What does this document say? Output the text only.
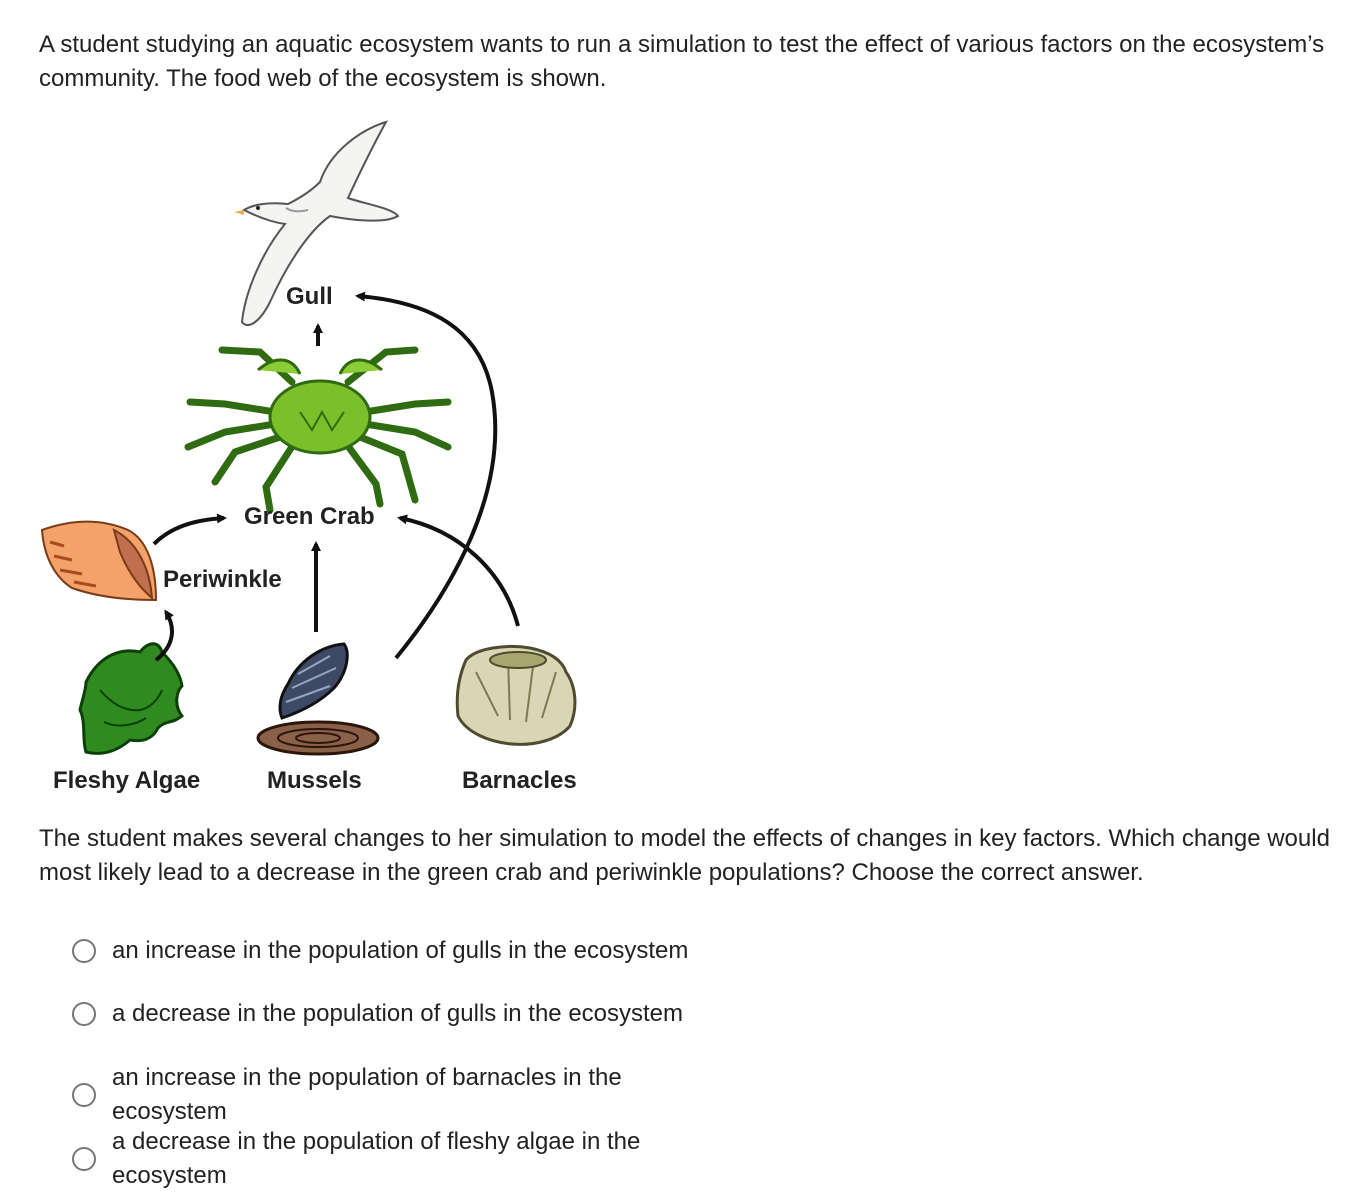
A student studying an aquatic ecosystem wants to run a simulation to test the effect of various factors on the ecosystem’s community. The food web of the ecosystem is shown.

Gull
Green Crab
Periwinkle
Fleshy Algae	Mussels	Barnacles

The student makes several changes to her simulation to model the effects of changes in key factors. Which change would most likely lead to a decrease in the green crab and periwinkle populations? Choose the correct answer.

an increase in the population of gulls in the ecosystem
a decrease in the population of gulls in the ecosystem
an increase in the population of barnacles in the ecosystem
a decrease in the population of fleshy algae in the ecosystem
